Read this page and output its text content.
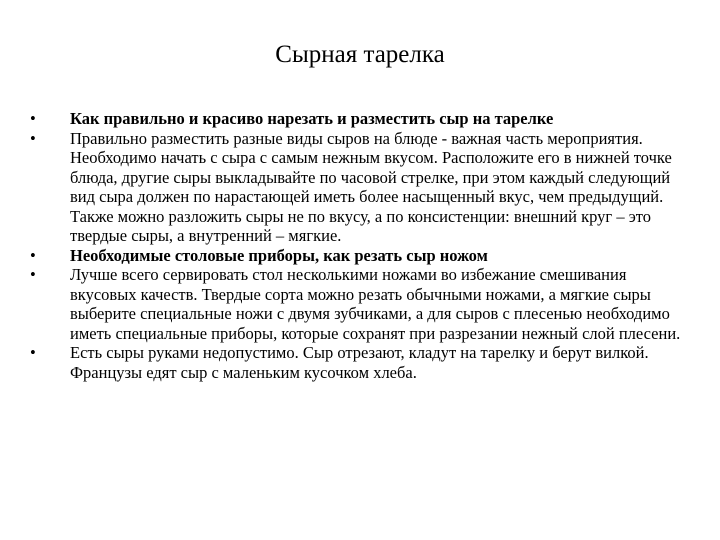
Сырная тарелка
• Как правильно и красиво нарезать и разместить сыр на тарелке
• Правильно разместить разные виды сыров на блюде - важная часть мероприятия. Необходимо начать с сыра с самым нежным вкусом. Расположите его в нижней точке блюда, другие сыры выкладывайте по часовой стрелке, при этом каждый следующий вид сыра должен по нарастающей иметь более насыщенный вкус, чем предыдущий. Также можно разложить сыры не по вкусу, а по консистенции: внешний круг – это твердые сыры, а внутренний – мягкие.
• Необходимые столовые приборы, как резать сыр ножом
• Лучше всего сервировать стол несколькими ножами во избежание смешивания вкусовых качеств. Твердые сорта можно резать обычными ножами, а мягкие сыры выберите специальные ножи с двумя зубчиками, а для сыров с плесенью необходимо иметь специальные приборы, которые сохранят при разрезании нежный слой плесени.
• Есть сыры руками недопустимо. Сыр отрезают, кладут на тарелку и берут вилкой. Французы едят сыр с маленьким кусочком хлеба.
